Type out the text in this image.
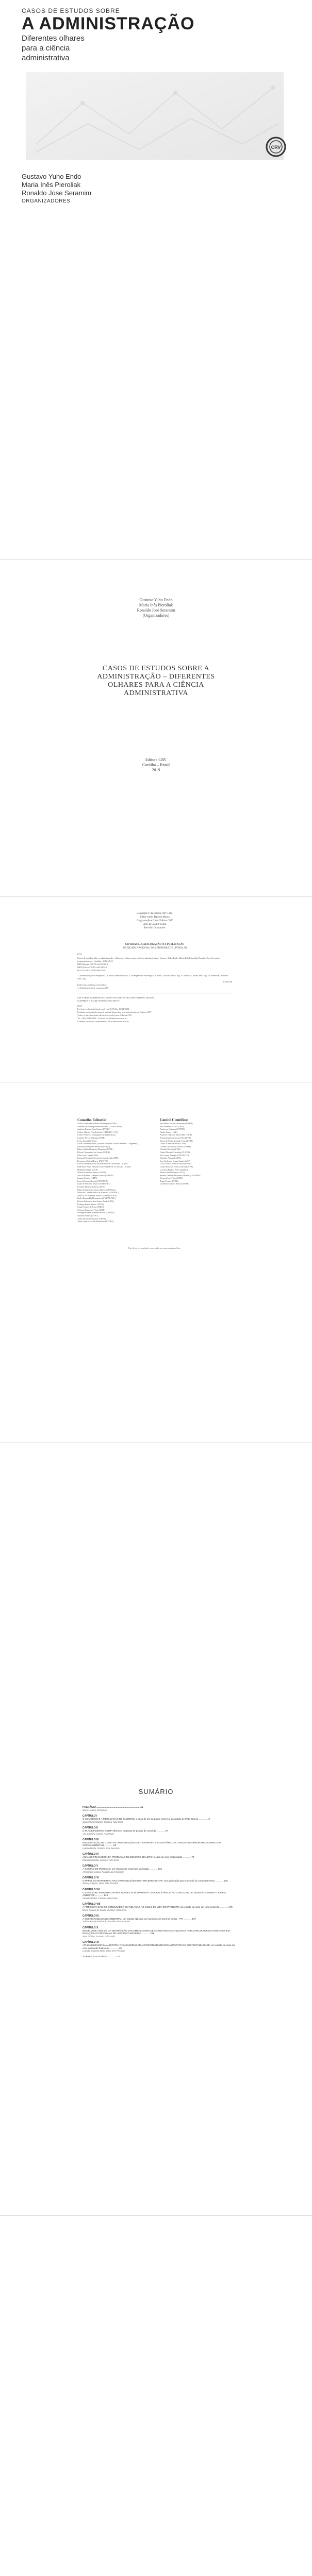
CASOS DE ESTUDOS SOBRE
A ADMINISTRAÇÃO
Diferentes olhares
para a ciência
administrativa
Gustavo Yuho Endo
Maria Inês Pieroliak
Ronaldo Jose Seramim
ORGANIZADORES
CRV
Gustavo Yuho Endo
Maria Inês Pieroliak
Ronaldo Jose Seramim
(Organizadores)
CASOS DE ESTUDOS SOBRE A
ADMINISTRAÇÃO – DIFERENTES
OLHARES PARA A CIÊNCIA
ADMINISTRATIVA
Editora CRV
Curitiba – Brasil
2019
Copyright © da Editora CRV Ltda.
Editor-chefe: Railson Moura
Diagramação e Capa: Editora CRV
Arte da Capa: Freepik
Revisão: Os Autores
CIP-BRASIL. CATALOGAÇÃO-NA-PUBLICAÇÃO
SINDICATO NACIONAL DOS EDITORES DE LIVROS, RJ
C33
Casos de estudos sobre a administração – diferentes olhares para a ciência administrativa / Gustavo Yuho Endo, Maria Inês Pieroliak, Ronaldo Jose Seramim (organizadores) – Curitiba : CRV, 2019.
ISBN Digital 978-85-444-3202-4
ISBN Físico 978-85-444-3203-1
DOI 10.24824/978854443203.1
1. Administração de empresas 2. Ciência administrativa. 3. Planejamento estratégico. I. Endo, Gustavo Yuho, org. II. Pieroliak, Maria Inês, org. III. Seramim, Ronaldo Jose, org.
CDD 658
Índice para catálogo sistemático
1. Administração de empresas 658
ESTA OBRA TAMBÉM ENCONTRA-SE DISPONÍVEL EM FORMATO DIGITAL.
CONHEÇA E BAIXE NOSSO APLICATIVO!
2019
Foi feito o depósito legal conf. Lei 10.994 de 14/12/2004
Proibida a reprodução parcial ou total desta obra sem autorização da Editora CRV
Todos os direitos desta edição reservados pela: Editora CRV
Tel.: (41) 3039-6418 – E-mail: sac@editoracrv.com.br
Conheça os nossos lançamentos: www.editoracrv.com.br
Conselho Editorial:
Aldira Guimarães Duarte Domínguez (UNB)
Andréia da Silva Quintanilha Sousa (UNIR/UFRN)
Antônio Pereira Gaio Júnior (UFRRJ)
Carlos Alberto Vilar Estêvão (UMINHO – PT)
Carlos Federico Dominguez Avila (Unieuro)
Carmen Tereza Velanga (UNIR)
Celso Conti (UFSCar)
Cesar Gerónimo Tello (Univer. Nacional Três de Febrero – Argentina)
Eduardo Fernandes Barbosa (UFMG)
Elione Maria Nogueira Diogenes (UFAL)
Elizeu Clementino de Souza (UNEB)
Élsio José Corá (UFFS)
Fernando Antônio Gonçalves Alcoforado (IPB)
Francisco Carlos Duarte (PUC-PR)
Gloria Fariñas León (Universidade de La Havana – Cuba)
Guillermo Arias Beatón (Universidade de La Havana – Cuba)
Helmuth Krüger (UCP)
Jailson Alves dos Santos (UFRJ)
João Adalberto Campato Junior (UNESP)
Josania Portela (UFPI)
Leonel Severo Rocha (UNISINOS)
Lídia de Oliveira Xavier (UNIEURO)
Lourdes Helena da Silva (UFV)
Maria Cristina dos Santos Bezerra (UFSCar)
Maria de Lourdes Pinto de Almeida (UNOESC)
Maria Lília Imbiriba Sousa Colares (UFOPA)
Paulo Romualdo Hernandes (UNIFAL-MG)
Renato Francisco dos Santos Paula (UFG)
Rodrigo Pratte-Santos (UFES)
Sérgio Nunes de Jesus (IFRO)
Simone Rodrigues Pinto (UNB)
Solange Helena Ximenes-Rocha (UFOPA)
Sydione Santos (UEPG)
Tadeu Oliver Gonçalves (UFPA)
Tania Suely Azevedo Brasileiro (UFOPA)
Comitê Científico:
Ana Maria Ferreira Menezes (UNEB)
Ana Monteiro Costa (UPE)
Anderson Catapan (UTFPR)
André Nunes (UnB)
Antonio Isidro da Silva Filho (UNB)
Armistrong Martins da Silva (UFT)
Breno de Paula Andrade Cruz (UFRJ)
Carlos Alberto Ramos (UNB)
Clailton Ataídes de Freitas (UFSM)
Claudio Gontijo (UFSJ)
Daniel Ricardo Castelan (PUCPR)
Elói Junior Damke (UNIOESTE)
Eduardo Armando (FIA)
Jose Carlos de Souza Santos (USP)
Luis Cláudio de Jesus Silva (UFRR)
Liana Maria da Frota Carleial (UFPR)
Lucilene Prado e Silva (UEMG)
Marcos Paulo Gomes (UCP)
Renata Zambon Monteiro Mendes (UNIFESP)
Sérgio Alves Pinto (UNB)
Tiago Peraro (UFPB)
Ufirmina Santos Oliveira (UESB)
Este livro foi avaliado e aprovado por pareceristas ad hoc.
SUMÁRIO
PREFÁCIO ............................................................ 11
Marco Antonio Gonçalves
CAPÍTULO I
O COMÉRCIO E A FIDELIZAÇÃO DE CLIENTES: o caso de um pequeno comércio da cidade de Pato Branco ............ 17
Gabriel Silva Mazzeti, Gustavo Yuho Endo
CAPÍTULO II
O PLANEJAMENTO ESTRATÉGICO: proposta de gestão de uma loja ............ 37
Ana Christina Lamon, Ana Paula
CAPÍTULO III
INVESTIGAÇÃO DE COMO AS ORGANIZAÇÕES DE TRANSPORTE RODOVIÁRIO DE CARGAS INCORPORAM OS ASPECTOS SOCIOAMBIENTAIS ............ 59
Leticia Batista, Ronaldo Jose Seramim
CAPÍTULO IV
ANÁLISE FINANCEIRA DA PRODUÇÃO DE BOVINOS DE LEITE: o caso de uma propriedade ............ 73
Eduarda Zanatta, Gustavo Yuho Endo
CAPÍTULO V
A GESTÃO DE PESSOAS: um estudo nas empresas da região ............ 101
Alessandra Lampa, Ronaldo Jose Seramim
CAPÍTULO VI
O PAPEL DO MARKETING NAS ORGANIZAÇÕES DO TERCEIRO SETOR: uma aplicação para o estudo do comportamento ............ 125
Wesley Calgaro, Maria Inês Pieroliak
CAPÍTULO VII
O CADASTRO AMBIENTAL RURAL NO OESTE DO PARANÁ E SUA RELEVÂNCIA NO CONTEXTO DO DESENVOLVIMENTO E MEIO AMBIENTE ............ 143
Daniel Sabatini, Gustavo Yuho Endo
CAPÍTULO VIII
A PREOCUPAÇÃO DO CONSUMIDOR EM RELAÇÃO AO CICLO DE VIDA DO PRODUTO: um estudo de caso em uma empresa ............ 175
Bruna Rafaela de Souza, Gustavo Yuho Endo
CAPÍTULO IX
A SUSTENTABILIDADE AMBIENTAL: um estudo aplicado ao município de Coronel Vivida – PR ............ 197
Juliano Kozak Hackbarth, Ronaldo Jose Seramim
CAPÍTULO X
MODELO DE ANÁLISE DA DESTINAÇÃO DAS EMBALAGENS DE AGROTÓXICOS UTILIZADAS POR AGRICULTORES FAMILIARES EM RELAÇÃO AO PROGRAMA DE LOGÍSTICA REVERSA ............ 219
Jean Ribeiro, Gustavo Yuho Endo
CAPÍTULO XI
APLICABILIDADE DA AUDITORIA PARA EVIDENCIAR A CONFORMIDADE DOS ASPECTOS DE SUSTENTABILIDADE: um estudo de caso em uma instituição financeira ............ 247
Leandro Gustavo Stein, Maria Inês Pieroliak
SOBRE OS AUTORES ............ 271
